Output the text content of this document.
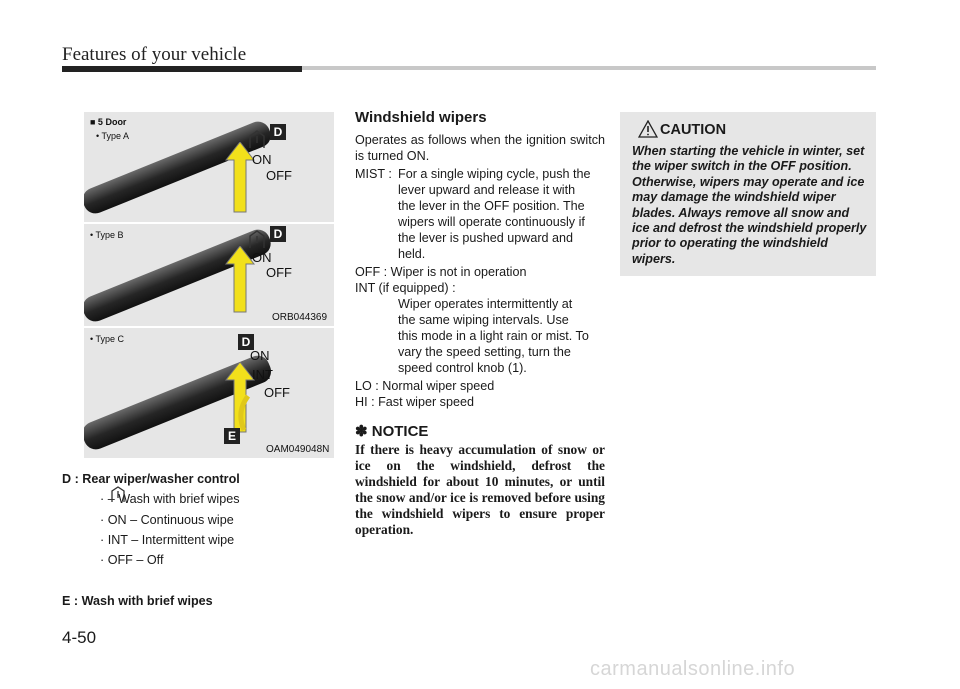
Features of your vehicle
■ 5 Door
• Type A	D
ON
OFF
• Type B	D
ON
OFF
ORB044369
• Type C	D
E
ON
INT
OFF
OAM049048N
D : Rear wiper/washer control
· – Wash with brief wipes
· ON – Continuous wipe
· INT – Intermittent wipe
· OFF – Off
E : Wash with brief wipes
Windshield wipers
Operates as follows when the ignition switch is turned ON.
MIST : For a single wiping cycle, push the
lever upward and release it with
the lever in the OFF position. The
wipers will operate continuously if
the lever is pushed upward and
held.
OFF : Wiper is not in operation
INT (if equipped) :
Wiper operates intermittently at
the same wiping intervals. Use
this mode in a light rain or mist. To
vary the speed setting, turn the
speed control knob (1).
LO : Normal wiper speed
HI : Fast wiper speed
✽ NOTICE
If there is heavy accumulation of snow or ice on the windshield, defrost the windshield for about 10 minutes, or until the snow and/or ice is removed before using the windshield wipers to ensure proper operation.
CAUTION
When starting the vehicle in winter, set the wiper switch in the OFF position. Otherwise, wipers may operate and ice may damage the windshield wiper blades. Always remove all snow and ice and defrost the windshield properly prior to operating the windshield wipers.
4-50
carmanualsonline.info
